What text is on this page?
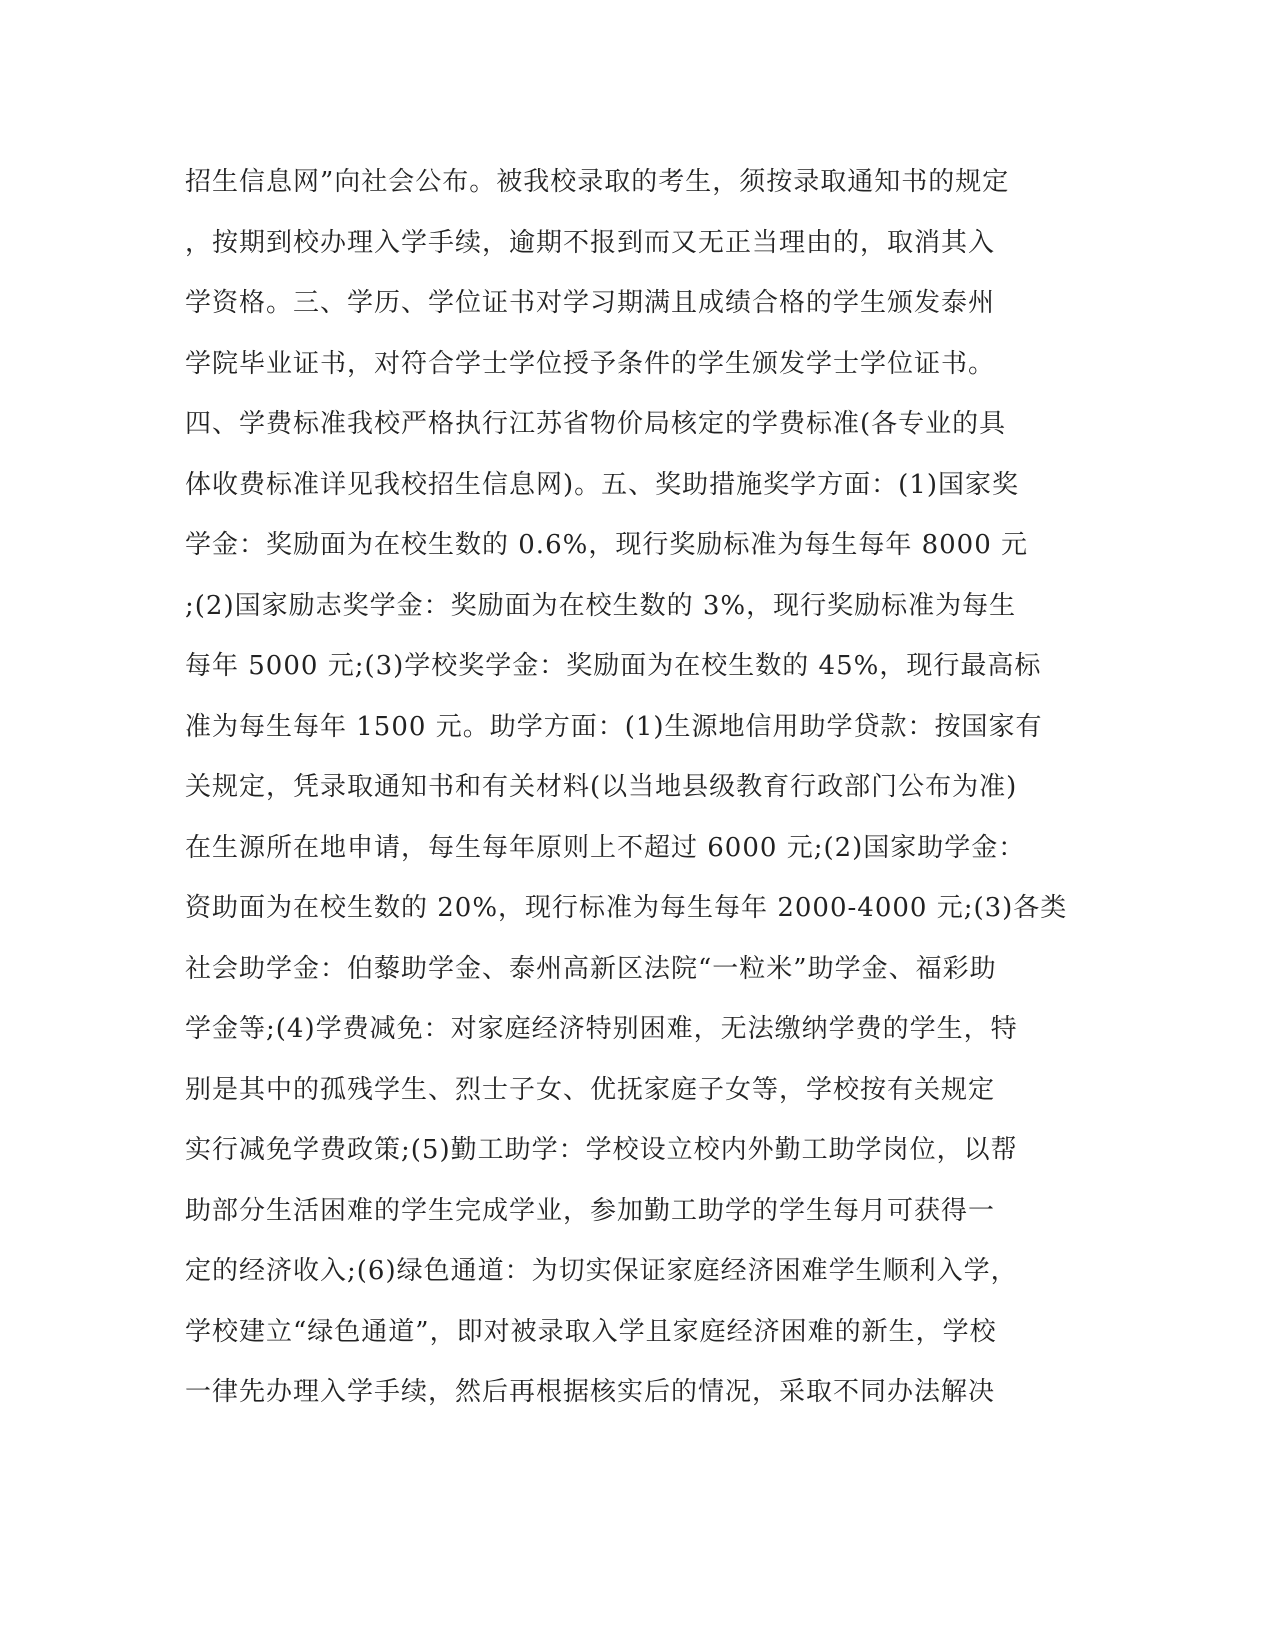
招生信息网”向社会公布。被我校录取的考生，须按录取通知书的规定
，按期到校办理入学手续，逾期不报到而又无正当理由的，取消其入
学资格。三、学历、学位证书对学习期满且成绩合格的学生颁发泰州
学院毕业证书，对符合学士学位授予条件的学生颁发学士学位证书。
四、学费标准我校严格执行江苏省物价局核定的学费标准(各专业的具
体收费标准详见我校招生信息网)。五、奖助措施奖学方面：(1)国家奖
学金：奖励面为在校生数的 0.6%，现行奖励标准为每生每年 8000 元
;(2)国家励志奖学金：奖励面为在校生数的 3%，现行奖励标准为每生
每年 5000 元;(3)学校奖学金：奖励面为在校生数的 45%，现行最高标
准为每生每年 1500 元。助学方面：(1)生源地信用助学贷款：按国家有
关规定，凭录取通知书和有关材料(以当地县级教育行政部门公布为准)
在生源所在地申请，每生每年原则上不超过 6000 元;(2)国家助学金：
资助面为在校生数的 20%，现行标准为每生每年 2000-4000 元;(3)各类
社会助学金：伯藜助学金、泰州高新区法院“一粒米”助学金、福彩助
学金等;(4)学费减免：对家庭经济特别困难，无法缴纳学费的学生，特
别是其中的孤残学生、烈士子女、优抚家庭子女等，学校按有关规定
实行减免学费政策;(5)勤工助学：学校设立校内外勤工助学岗位，以帮
助部分生活困难的学生完成学业，参加勤工助学的学生每月可获得一
定的经济收入;(6)绿色通道：为切实保证家庭经济困难学生顺利入学，
学校建立“绿色通道”，即对被录取入学且家庭经济困难的新生，学校
一律先办理入学手续，然后再根据核实后的情况，采取不同办法解决
